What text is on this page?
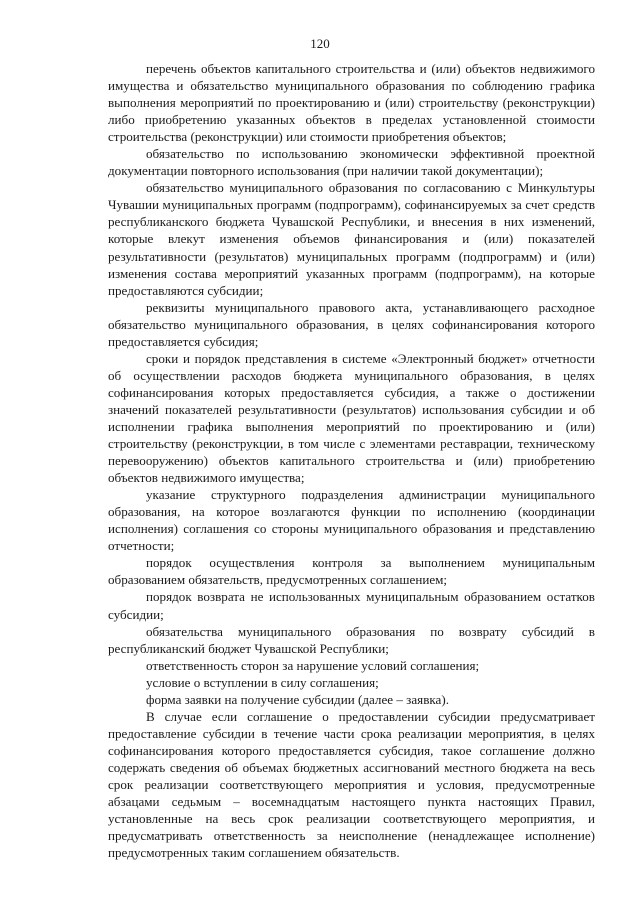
120

перечень объектов капитального строительства и (или) объектов недвижимого имущества и обязательство муниципального образования по соблюдению графика выполнения мероприятий по проектированию и (или) строительству (реконструкции) либо приобретению указанных объектов в пределах установленной стоимости строительства (реконструкции) или стоимости приобретения объектов;

обязательство по использованию экономически эффективной проектной документации повторного использования (при наличии такой документации);

обязательство муниципального образования по согласованию с Минкультуры Чувашии муниципальных программ (подпрограмм), софинансируемых за счет средств республиканского бюджета Чувашской Республики, и внесения в них изменений, которые влекут изменения объемов финансирования и (или) показателей результативности (результатов) муниципальных программ (подпрограмм) и (или) изменения состава мероприятий указанных программ (подпрограмм), на которые предоставляются субсидии;

реквизиты муниципального правового акта, устанавливающего расходное обязательство муниципального образования, в целях софинансирования которого предоставляется субсидия;

сроки и порядок представления в системе «Электронный бюджет» отчетности об осуществлении расходов бюджета муниципального образования, в целях софинансирования которых предоставляется субсидия, а также о достижении значений показателей результативности (результатов) использования субсидии и об исполнении графика выполнения мероприятий по проектированию и (или) строительству (реконструкции, в том числе с элементами реставрации, техническому перевооружению) объектов капитального строительства и (или) приобретению объектов недвижимого имущества;

указание структурного подразделения администрации муниципального образования, на которое возлагаются функции по исполнению (координации исполнения) соглашения со стороны муниципального образования и представлению отчетности;

порядок осуществления контроля за выполнением муниципальным образованием обязательств, предусмотренных соглашением;

порядок возврата не использованных муниципальным образованием остатков субсидии;

обязательства муниципального образования по возврату субсидий в республиканский бюджет Чувашской Республики;

ответственность сторон за нарушение условий соглашения;

условие о вступлении в силу соглашения;

форма заявки на получение субсидии (далее – заявка).

В случае если соглашение о предоставлении субсидии предусматривает предоставление субсидии в течение части срока реализации мероприятия, в целях софинансирования которого предоставляется субсидия, такое соглашение должно содержать сведения об объемах бюджетных ассигнований местного бюджета на весь срок реализации соответствующего мероприятия и условия, предусмотренные абзацами седьмым – восемнадцатым настоящего пункта настоящих Правил, установленные на весь срок реализации соответствующего мероприятия, и предусматривать ответственность за неисполнение (ненадлежащее исполнение) предусмотренных таким соглашением обязательств.
